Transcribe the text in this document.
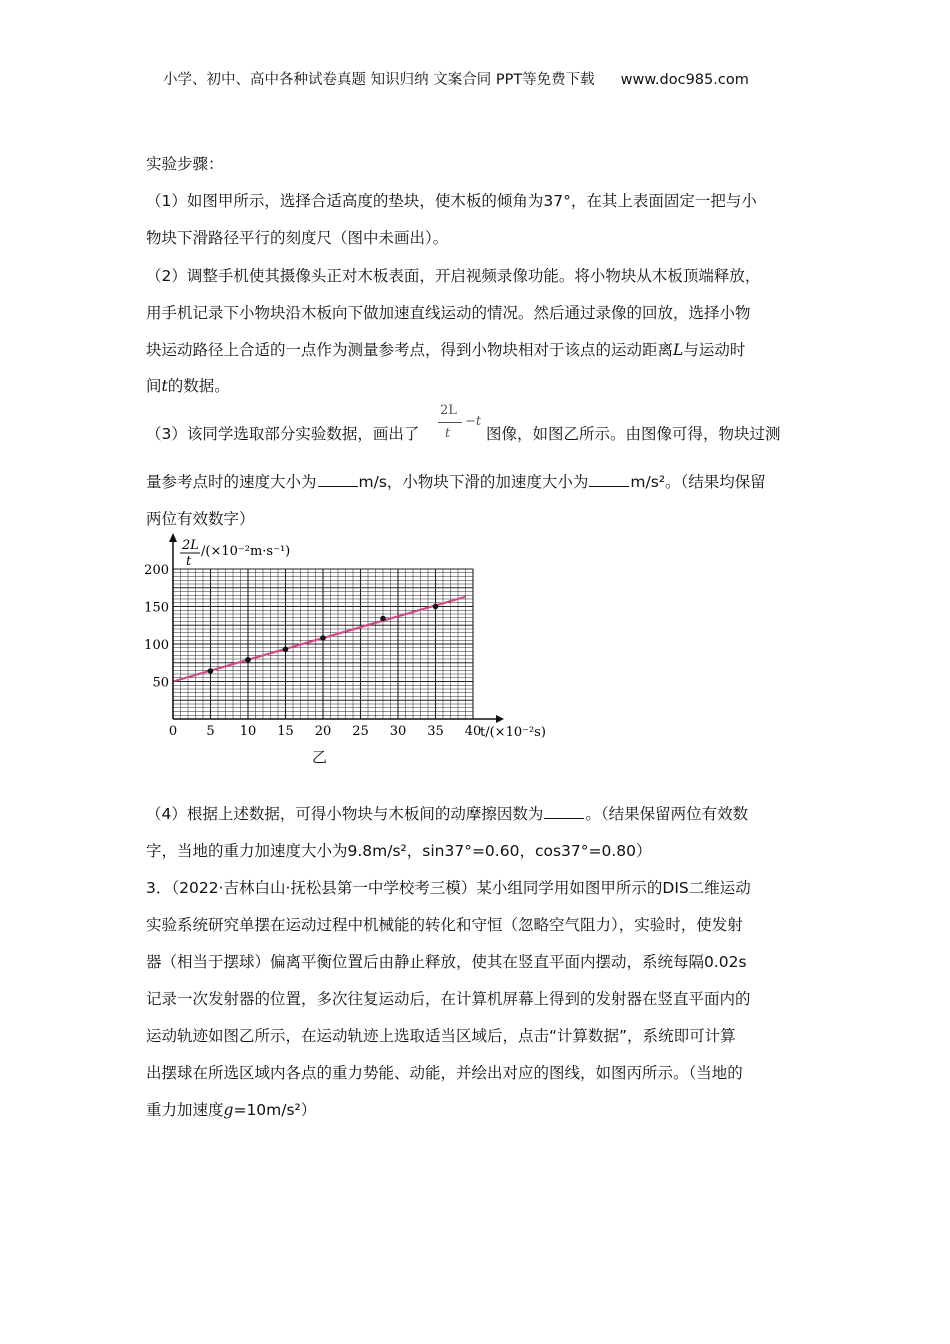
小学、初中、高中各种试卷真题 知识归纳 文案合同 PPT等免费下载 www.doc985.com
实验步骤：
（1）如图甲所示，选择合适高度的垫块，使木板的倾角为37°，在其上表面固定一把与小
物块下滑路径平行的刻度尺（图中未画出）。
（2）调整手机使其摄像头正对木板表面，开启视频录像功能。将小物块从木板顶端释放，
用手机记录下小物块沿木板向下做加速直线运动的情况。然后通过录像的回放，选择小物
块运动路径上合适的一点作为测量参考点，得到小物块相对于该点的运动距离L与运动时
间t的数据。
（3）该同学选取部分实验数据，画出了
2L
t
−t
图像，如图乙所示。由图像可得，物块过测
量参考点时的速度大小为	m/s，小物块下滑的加速度大小为	m/s²。（结果均保留
两位有效数字）
0 5 10 15 20 25 30 35 40
50
100
150
200
2L
t
/(×10⁻²m·s⁻¹)
t/(×10⁻²s)
乙
（4）根据上述数据，可得小物块与木板间的动摩擦因数为	。（结果保留两位有效数
字，当地的重力加速度大小为9.8m/s²，sin37°=0.60，cos37°=0.80）
3．（2022·吉林白山·抚松县第一中学校考三模）某小组同学用如图甲所示的DIS二维运动
实验系统研究单摆在运动过程中机械能的转化和守恒（忽略空气阻力），实验时，使发射
器（相当于摆球）偏离平衡位置后由静止释放，使其在竖直平面内摆动，系统每隔0.02s
记录一次发射器的位置，多次往复运动后，在计算机屏幕上得到的发射器在竖直平面内的
运动轨迹如图乙所示，在运动轨迹上选取适当区域后，点击“计算数据”，系统即可计算
出摆球在所选区域内各点的重力势能、动能，并绘出对应的图线，如图丙所示。（当地的
重力加速度g=10m/s²）
